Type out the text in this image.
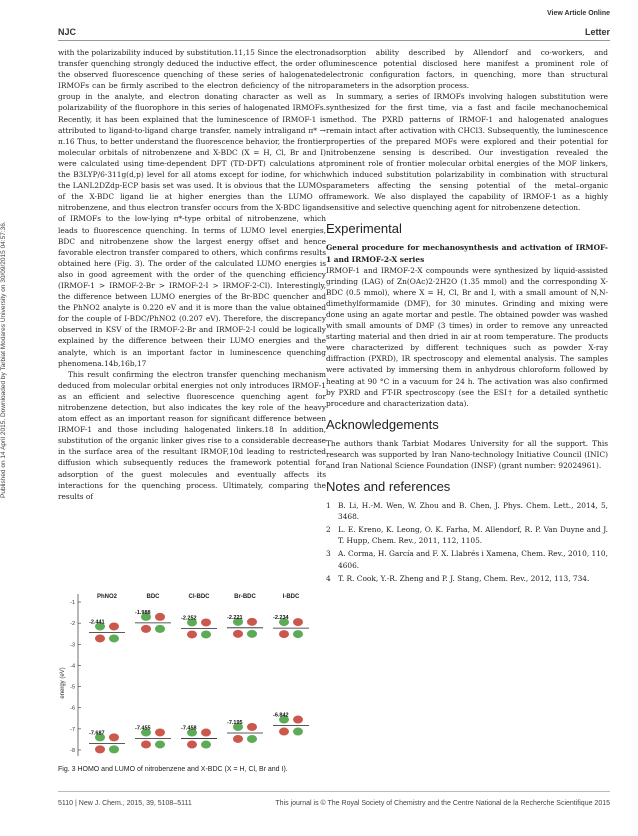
View Article Online
NJC	Letter
Published on 14 April 2015. Downloaded by Tarbiat Modares University on 30/09/2015 04:57:36.

with the polarizability induced by substitution.11,15 Since the electron transfer quenching strongly deduced the inductive effect, the order of the observed fluorescence quenching of these series of halogenated IRMOFs can be firmly ascribed to the electron deficiency of the nitro group in the analyte, and electron donating character as well as polarizability of the fluorophore in this series of halogenated IRMOFs. Recently, it has been explained that the luminescence of IRMOF-1 is attributed to ligand-to-ligand charge transfer, namely intraligand π* → π.16 Thus, to better understand the fluorescence behavior, the frontier molecular orbitals of nitrobenzene and X-BDC (X = H, Cl, Br and I) were calculated using time-dependent DFT (TD-DFT) calculations at the B3LYP/6-311g(d,p) level for all atoms except for iodine, for which the LANL2DZdp-ECP basis set was used. It is obvious that the LUMOs of the X-BDC ligand lie at higher energies than the LUMO of nitrobenzene, and thus electron transfer occurs from the X-BDC ligand of IRMOFs to the low-lying π*-type orbital of nitrobenzene, which leads to fluorescence quenching. In terms of LUMO level energies, BDC and nitrobenzene show the largest energy offset and hence favorable electron transfer compared to others, which confirms results obtained here (Fig. 3). The order of the calculated LUMO energies is also in good agreement with the order of the quenching efficiency (IRMOF-1 > IRMOF-2-Br > IRMOF-2-I > IRMOF-2-Cl). Interestingly, the difference between LUMO energies of the Br-BDC quencher and the PhNO2 analyte is 0.220 eV and it is more than the value obtained for the couple of I-BDC/PhNO2 (0.207 eV). Therefore, the discrepancy observed in KSV of the IRMOF-2-Br and IRMOF-2-I could be logically explained by the difference between their LUMO energies and the analyte, which is an important factor in luminescence quenching phenomena.14b,16b,17

This result confirming the electron transfer quenching mechanism deduced from molecular orbital energies not only introduces IRMOF-1 as an efficient and selective fluorescence quenching agent for nitrobenzene detection, but also indicates the key role of the heavy atom effect as an important reason for significant difference between IRMOF-1 and those including halogenated linkers.18 In addition, substitution of the organic linker gives rise to a considerable decrease in the surface area of the resultant IRMOF,10d leading to restricted diffusion which subsequently reduces the framework potential for adsorption of the guest molecules and eventually affects its interactions for the quenching process. Ultimately, comparing the results of

energy (eV)
-1
-2
-3
-4
-5
-6
-7
-8
PhNO2
-2.441
-7.687
BDC
-1.988
-7.455
Cl-BDC
-2.252
-7.458
Br-BDC
-2.221
-7.195
I-BDC
-2.234
-6.842
Fig. 3 HOMO and LUMO of nitrobenzene and X-BDC (X = H, Cl, Br and I).

adsorption ability described by Allendorf and co-workers, and luminescence potential disclosed here manifest a prominent role of electronic configuration factors, in quenching, more than structural parameters in the adsorption process.

In summary, a series of IRMOFs involving halogen substitution were synthesized for the first time, via a fast and facile mechanochemical method. The PXRD patterns of IRMOF-1 and halogenated analogues remain intact after activation with CHCl3. Subsequently, the luminescence properties of the prepared MOFs were explored and their potential for nitrobenzene sensing is described. Our investigation revealed the prominent role of frontier molecular orbital energies of the MOF linkers, which induced substitution polarizability in combination with structural parameters affecting the sensing potential of the metal–organic framework. We also displayed the capability of IRMOF-1 as a highly sensitive and selective quenching agent for nitrobenzene detection.

Experimental

General procedure for mechanosynthesis and activation of IRMOF-1 and IRMOF-2-X series

IRMOF-1 and IRMOF-2-X compounds were synthesized by liquid-assisted grinding (LAG) of Zn(OAc)2·2H2O (1.35 mmol) and the corresponding X-BDC (0.5 mmol), where X = H, Cl, Br and I, with a small amount of N,N-dimethylformamide (DMF), for 30 minutes. Grinding and mixing were done using an agate mortar and pestle. The obtained powder was washed with small amounts of DMF (3 times) in order to remove any unreacted starting material and then dried in air at room temperature. The products were characterized by different techniques such as powder X-ray diffraction (PXRD), IR spectroscopy and elemental analysis. The samples were activated by immersing them in anhydrous chloroform followed by heating at 90 °C in a vacuum for 24 h. The activation was also confirmed by PXRD and FT-IR spectroscopy (see the ESI† for a detailed synthetic procedure and characterization data).

Acknowledgements

The authors thank Tarbiat Modares University for all the support. This research was supported by Iran Nano-technology Initiative Council (INIC) and Iran National Science Foundation (INSF) (grant number: 92024961).

Notes and references
1 B. Li, H.-M. Wen, W. Zhou and B. Chen, J. Phys. Chem. Lett., 2014, 5, 3468.
2 L. E. Kreno, K. Leong, O. K. Farha, M. Allendorf, R. P. Van Duyne and J. T. Hupp, Chem. Rev., 2011, 112, 1105.
3 A. Corma, H. García and F. X. Llabrés i Xamena, Chem. Rev., 2010, 110, 4606.
4 T. R. Cook, Y.-R. Zheng and P. J. Stang, Chem. Rev., 2012, 113, 734.
5110 | New J. Chem., 2015, 39, 5108–5111	This journal is © The Royal Society of Chemistry and the Centre National de la Recherche Scientifique 2015
